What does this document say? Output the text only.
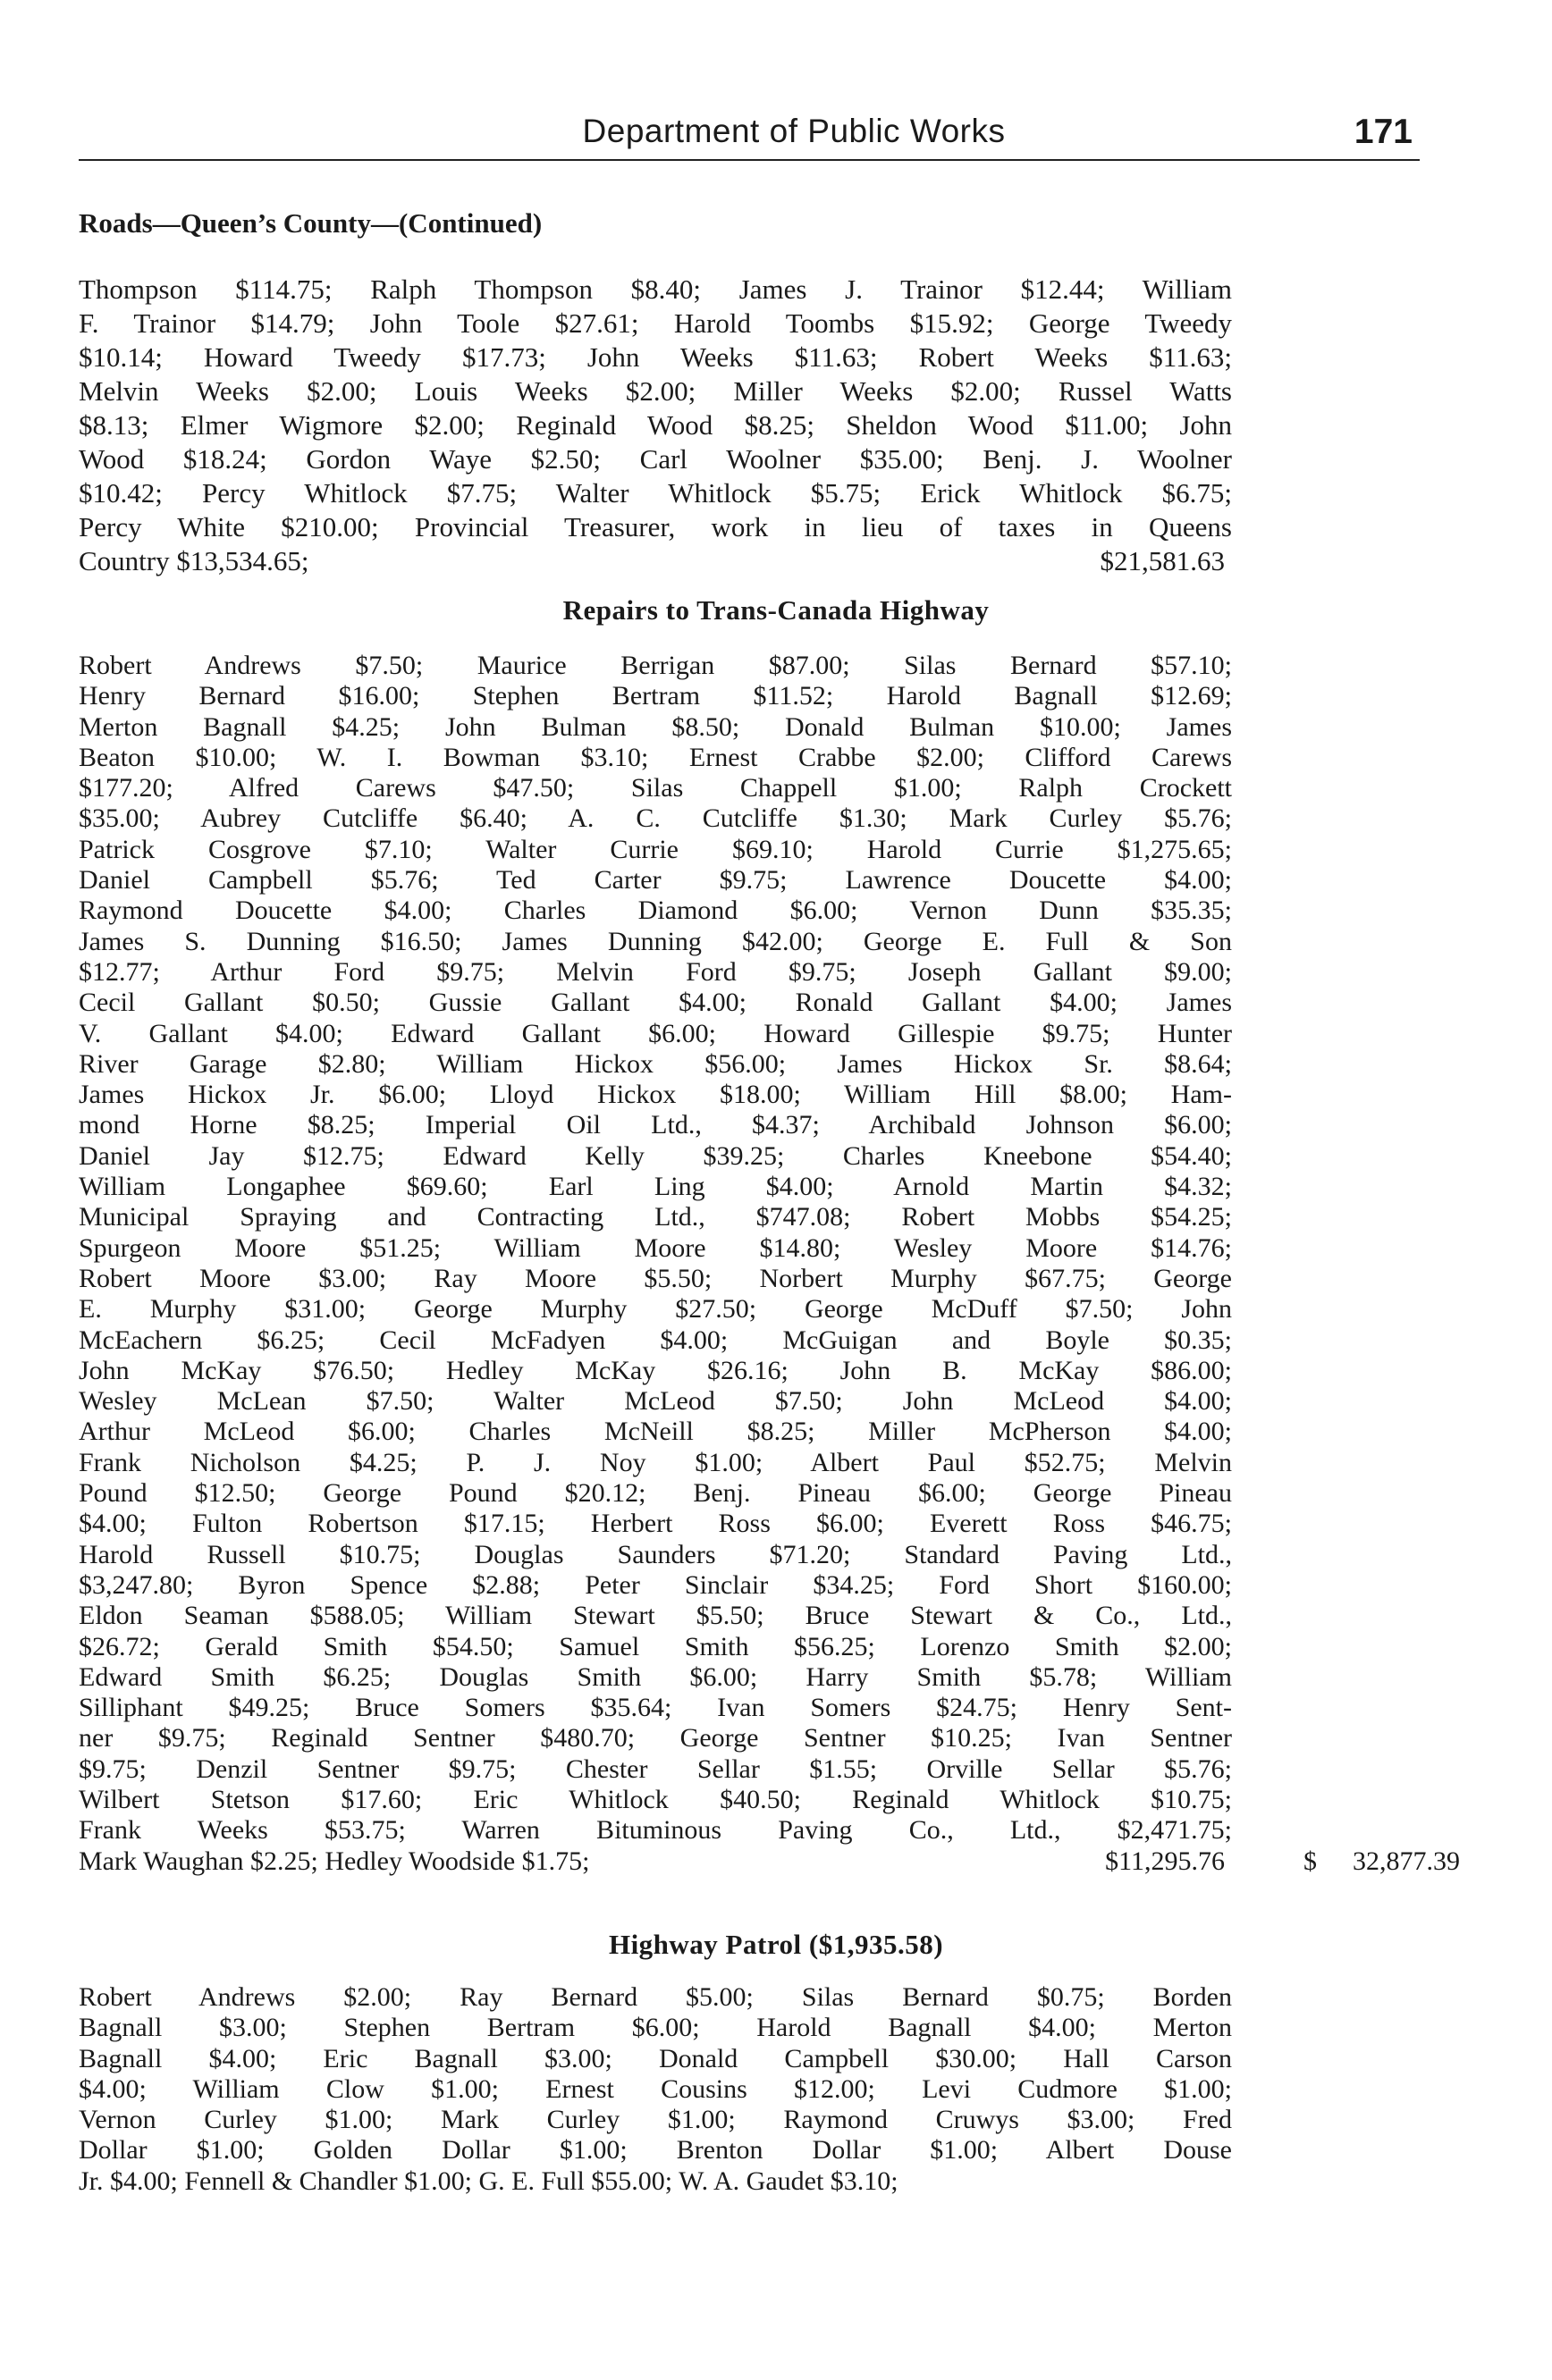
Department of Public Works	171
Roads—Queen’s County—(Continued)
Thompson $114.75; Ralph Thompson $8.40; James J. Trainor $12.44; William
F. Trainor $14.79; John Toole $27.61; Harold Toombs $15.92; George Tweedy
$10.14; Howard Tweedy $17.73; John Weeks $11.63; Robert Weeks $11.63;
Melvin Weeks $2.00; Louis Weeks $2.00; Miller Weeks $2.00; Russel Watts
$8.13; Elmer Wigmore $2.00; Reginald Wood $8.25; Sheldon Wood $11.00; John
Wood $18.24; Gordon Waye $2.50; Carl Woolner $35.00; Benj. J. Woolner
$10.42; Percy Whitlock $7.75; Walter Whitlock $5.75; Erick Whitlock $6.75;
Percy White $210.00; Provincial Treasurer, work in lieu of taxes in Queens
Country $13,534.65;	$21,581.63
Repairs to Trans-Canada Highway
Robert Andrews $7.50; Maurice Berrigan $87.00; Silas Bernard $57.10;
Henry Bernard $16.00; Stephen Bertram $11.52; Harold Bagnall $12.69;
Merton Bagnall $4.25; John Bulman $8.50; Donald Bulman $10.00; James
Beaton $10.00; W. I. Bowman $3.10; Ernest Crabbe $2.00; Clifford Carews
$177.20; Alfred Carews $47.50; Silas Chappell $1.00; Ralph Crockett
$35.00; Aubrey Cutcliffe $6.40; A. C. Cutcliffe $1.30; Mark Curley $5.76;
Patrick Cosgrove $7.10; Walter Currie $69.10; Harold Currie $1,275.65;
Daniel Campbell $5.76; Ted Carter $9.75; Lawrence Doucette $4.00;
Raymond Doucette $4.00; Charles Diamond $6.00; Vernon Dunn $35.35;
James S. Dunning $16.50; James Dunning $42.00; George E. Full & Son
$12.77; Arthur Ford $9.75; Melvin Ford $9.75; Joseph Gallant $9.00;
Cecil Gallant $0.50; Gussie Gallant $4.00; Ronald Gallant $4.00; James
V. Gallant $4.00; Edward Gallant $6.00; Howard Gillespie $9.75; Hunter
River Garage $2.80; William Hickox $56.00; James Hickox Sr. $8.64;
James Hickox Jr. $6.00; Lloyd Hickox $18.00; William Hill $8.00; Ham-
mond Horne $8.25; Imperial Oil Ltd., $4.37; Archibald Johnson $6.00;
Daniel Jay $12.75; Edward Kelly $39.25; Charles Kneebone $54.40;
William Longaphee $69.60; Earl Ling $4.00; Arnold Martin $4.32;
Municipal Spraying and Contracting Ltd., $747.08; Robert Mobbs $54.25;
Spurgeon Moore $51.25; William Moore $14.80; Wesley Moore $14.76;
Robert Moore $3.00; Ray Moore $5.50; Norbert Murphy $67.75; George
E. Murphy $31.00; George Murphy $27.50; George McDuff $7.50; John
McEachern $6.25; Cecil McFadyen $4.00; McGuigan and Boyle $0.35;
John McKay $76.50; Hedley McKay $26.16; John B. McKay $86.00;
Wesley McLean $7.50; Walter McLeod $7.50; John McLeod $4.00;
Arthur McLeod $6.00; Charles McNeill $8.25; Miller McPherson $4.00;
Frank Nicholson $4.25; P. J. Noy $1.00; Albert Paul $52.75; Melvin
Pound $12.50; George Pound $20.12; Benj. Pineau $6.00; George Pineau
$4.00; Fulton Robertson $17.15; Herbert Ross $6.00; Everett Ross $46.75;
Harold Russell $10.75; Douglas Saunders $71.20; Standard Paving Ltd.,
$3,247.80; Byron Spence $2.88; Peter Sinclair $34.25; Ford Short $160.00;
Eldon Seaman $588.05; William Stewart $5.50; Bruce Stewart & Co., Ltd.,
$26.72; Gerald Smith $54.50; Samuel Smith $56.25; Lorenzo Smith $2.00;
Edward Smith $6.25; Douglas Smith $6.00; Harry Smith $5.78; William
Silliphant $49.25; Bruce Somers $35.64; Ivan Somers $24.75; Henry Sent-
ner $9.75; Reginald Sentner $480.70; George Sentner $10.25; Ivan Sentner
$9.75; Denzil Sentner $9.75; Chester Sellar $1.55; Orville Sellar $5.76;
Wilbert Stetson $17.60; Eric Whitlock $40.50; Reginald Whitlock $10.75;
Frank Weeks $53.75; Warren Bituminous Paving Co., Ltd., $2,471.75;
Mark Waughan $2.25; Hedley Woodside $1.75;	$11,295.76	$ 32,877.39
Highway Patrol ($1,935.58)
Robert Andrews $2.00; Ray Bernard $5.00; Silas Bernard $0.75; Borden
Bagnall $3.00; Stephen Bertram $6.00; Harold Bagnall $4.00; Merton
Bagnall $4.00; Eric Bagnall $3.00; Donald Campbell $30.00; Hall Carson
$4.00; William Clow $1.00; Ernest Cousins $12.00; Levi Cudmore $1.00;
Vernon Curley $1.00; Mark Curley $1.00; Raymond Cruwys $3.00; Fred
Dollar $1.00; Golden Dollar $1.00; Brenton Dollar $1.00; Albert Douse
Jr. $4.00; Fennell & Chandler $1.00; G. E. Full $55.00; W. A. Gaudet $3.10;
